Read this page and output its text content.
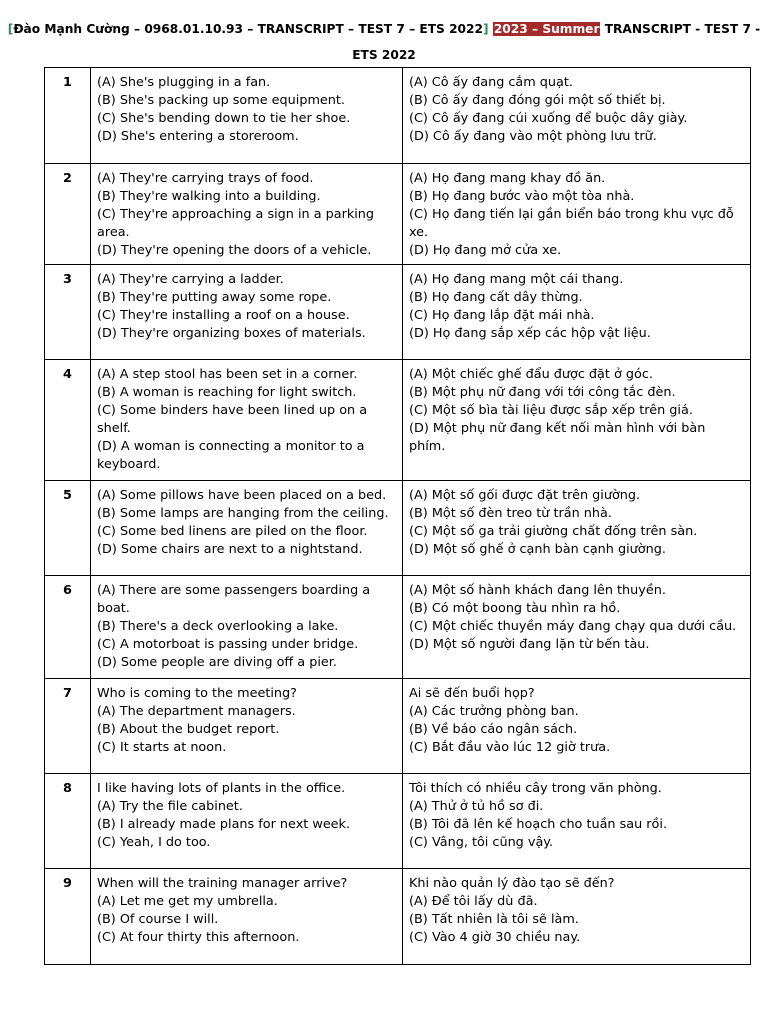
[Đào Mạnh Cường – 0968.01.10.93 – TRANSCRIPT – TEST 7 – ETS 2022] 2023 – Summer TRANSCRIPT - TEST 7 - ETS 2022
1	(A) She's plugging in a fan.
(B) She's packing up some equipment.
(C) She's bending down to tie her shoe.
(D) She's entering a storeroom.	(A) Cô ấy đang cắm quạt.
(B) Cô ấy đang đóng gói một số thiết bị.
(C) Cô ấy đang cúi xuống để buộc dây giày.
(D) Cô ấy đang vào một phòng lưu trữ.

2	(A) They're carrying trays of food.
(B) They're walking into a building.
(C) They're approaching a sign in a parking area.
(D) They're opening the doors of a vehicle.	(A) Họ đang mang khay đồ ăn.
(B) Họ đang bước vào một tòa nhà.
(C) Họ đang tiến lại gần biển báo trong khu vực đỗ xe.
(D) Họ đang mở cửa xe.

3	(A) They're carrying a ladder.
(B) They're putting away some rope.
(C) They're installing a roof on a house.
(D) They're organizing boxes of materials.	(A) Họ đang mang một cái thang.
(B) Họ đang cất dây thừng.
(C) Họ đang lắp đặt mái nhà.
(D) Họ đang sắp xếp các hộp vật liệu.

4	(A) A step stool has been set in a corner.
(B) A woman is reaching for light switch.
(C) Some binders have been lined up on a shelf.
(D) A woman is connecting a monitor to a keyboard.	(A) Một chiếc ghế đẩu được đặt ở góc.
(B) Một phụ nữ đang với tới công tắc đèn.
(C) Một số bìa tài liệu được sắp xếp trên giá.
(D) Một phụ nữ đang kết nối màn hình với bàn phím.

5	(A) Some pillows have been placed on a bed.
(B) Some lamps are hanging from the ceiling.
(C) Some bed linens are piled on the floor.
(D) Some chairs are next to a nightstand.	(A) Một số gối được đặt trên giường.
(B) Một số đèn treo từ trần nhà.
(C) Một số ga trải giường chất đống trên sàn.
(D) Một số ghế ở cạnh bàn cạnh giường.

6	(A) There are some passengers boarding a boat.
(B) There's a deck overlooking a lake.
(C) A motorboat is passing under bridge.
(D) Some people are diving off a pier.	(A) Một số hành khách đang lên thuyền.
(B) Có một boong tàu nhìn ra hồ.
(C) Một chiếc thuyền máy đang chạy qua dưới cầu.
(D) Một số người đang lặn từ bến tàu.

7	Who is coming to the meeting?
(A) The department managers.
(B) About the budget report.
(C) It starts at noon.	Ai sẽ đến buổi họp?
(A) Các trưởng phòng ban.
(B) Về báo cáo ngân sách.
(C) Bắt đầu vào lúc 12 giờ trưa.

8	I like having lots of plants in the office.
(A) Try the file cabinet.
(B) I already made plans for next week.
(C) Yeah, I do too.	Tôi thích có nhiều cây trong văn phòng.
(A) Thử ở tủ hồ sơ đi.
(B) Tôi đã lên kế hoạch cho tuần sau rồi.
(C) Vâng, tôi cũng vậy.

9	When will the training manager arrive?
(A) Let me get my umbrella.
(B) Of course I will.
(C) At four thirty this afternoon.	Khi nào quản lý đào tạo sẽ đến?
(A) Để tôi lấy dù đã.
(B) Tất nhiên là tôi sẽ làm.
(C) Vào 4 giờ 30 chiều nay.
